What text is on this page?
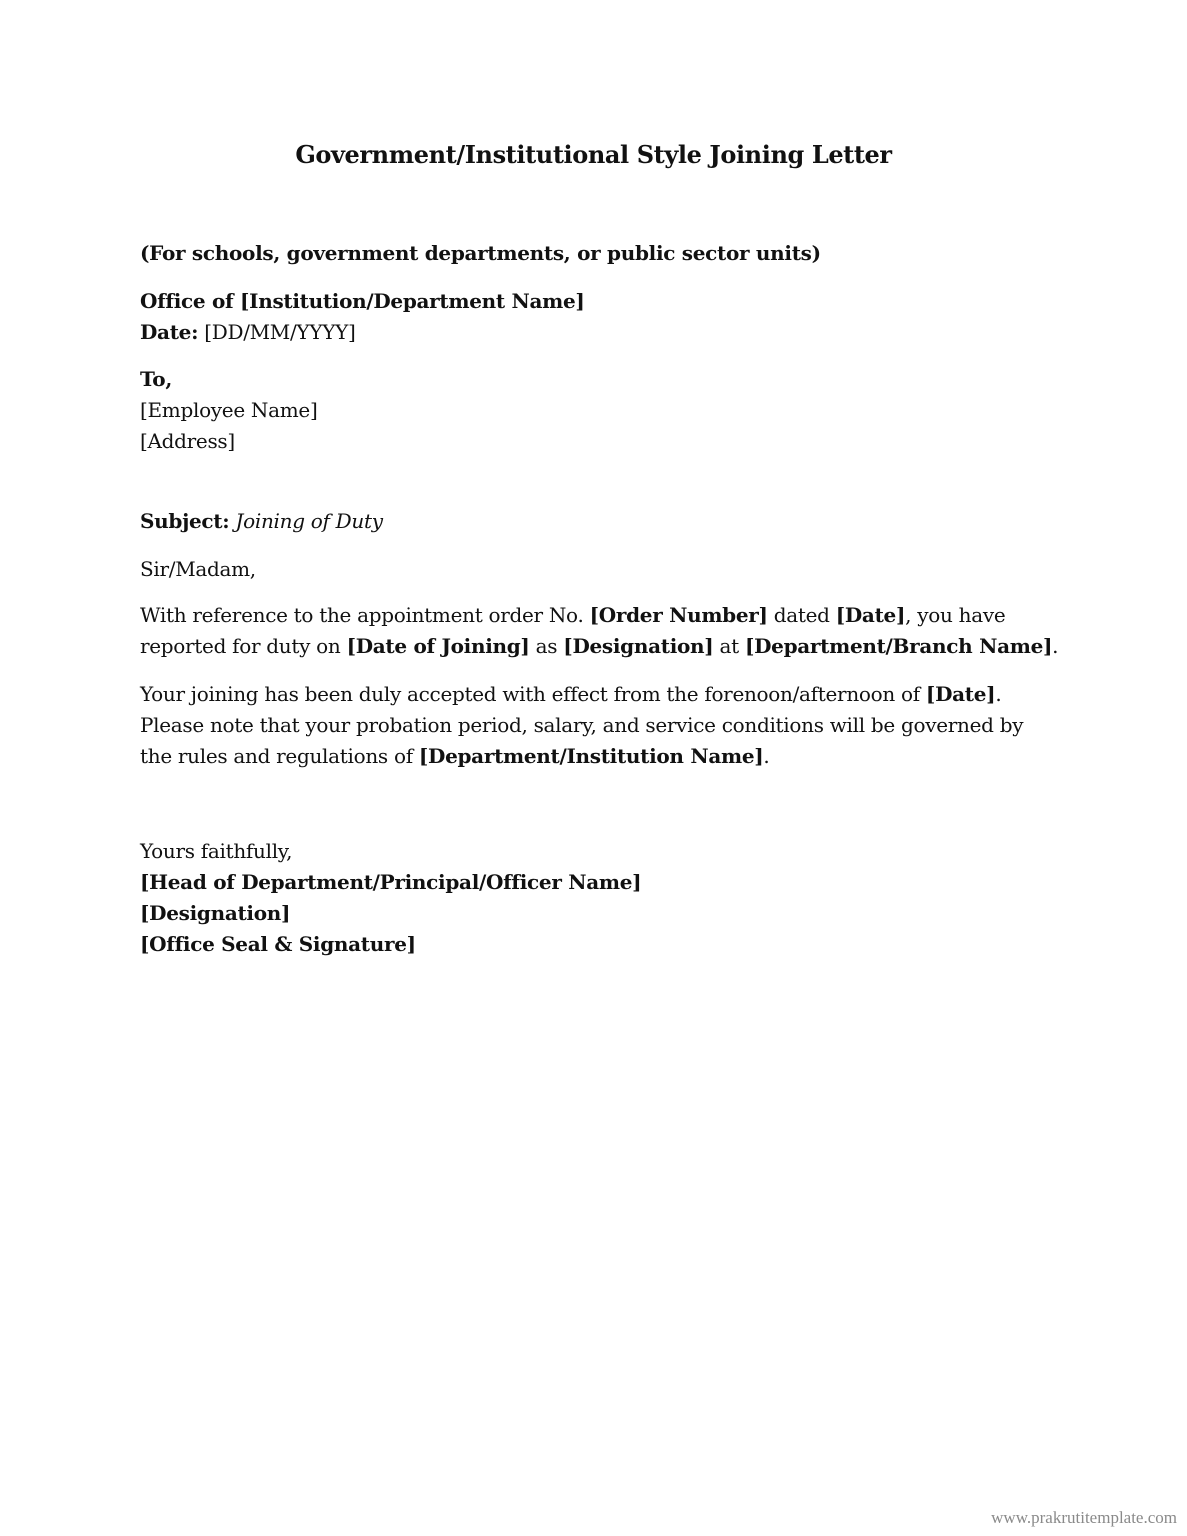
Government/Institutional Style Joining Letter
(For schools, government departments, or public sector units)
Office of [Institution/Department Name]
Date: [DD/MM/YYYY]
To,
[Employee Name]
[Address]
Subject: Joining of Duty
Sir/Madam,
With reference to the appointment order No. [Order Number] dated [Date], you have
reported for duty on [Date of Joining] as [Designation] at [Department/Branch Name].
Your joining has been duly accepted with effect from the forenoon/afternoon of [Date].
Please note that your probation period, salary, and service conditions will be governed by
the rules and regulations of [Department/Institution Name].
Yours faithfully,
[Head of Department/Principal/Officer Name]
[Designation]
[Office Seal & Signature]
www.prakrutitemplate.com
